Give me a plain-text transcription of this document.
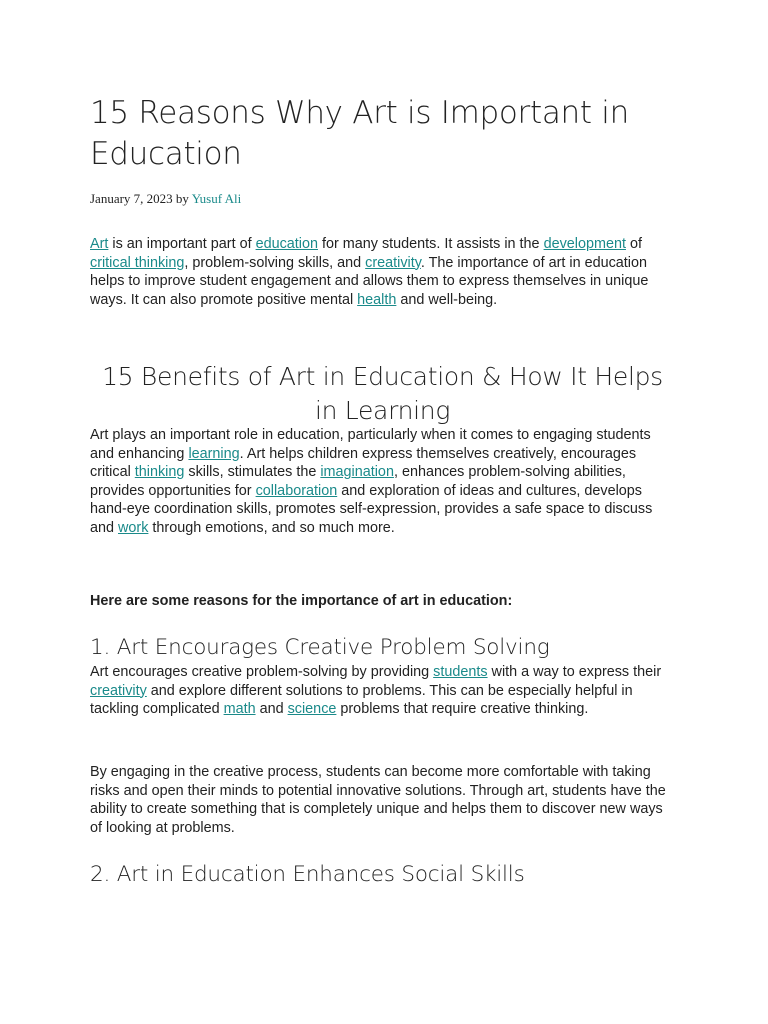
15 Reasons Why Art is Important in Education
January 7, 2023 by Yusuf Ali

Art is an important part of education for many students. It assists in the development of critical thinking, problem-solving skills, and creativity. The importance of art in education helps to improve student engagement and allows them to express themselves in unique ways. It can also promote positive mental health and well-being.

15 Benefits of Art in Education & How It Helps in Learning

Art plays an important role in education, particularly when it comes to engaging students and enhancing learning. Art helps children express themselves creatively, encourages critical thinking skills, stimulates the imagination, enhances problem-solving abilities, provides opportunities for collaboration and exploration of ideas and cultures, develops hand-eye coordination skills, promotes self-expression, provides a safe space to discuss and work through emotions, and so much more.

Here are some reasons for the importance of art in education:

1. Art Encourages Creative Problem Solving

Art encourages creative problem-solving by providing students with a way to express their creativity and explore different solutions to problems. This can be especially helpful in tackling complicated math and science problems that require creative thinking.

By engaging in the creative process, students can become more comfortable with taking risks and open their minds to potential innovative solutions. Through art, students have the ability to create something that is completely unique and helps them to discover new ways of looking at problems.

2. Art in Education Enhances Social Skills
